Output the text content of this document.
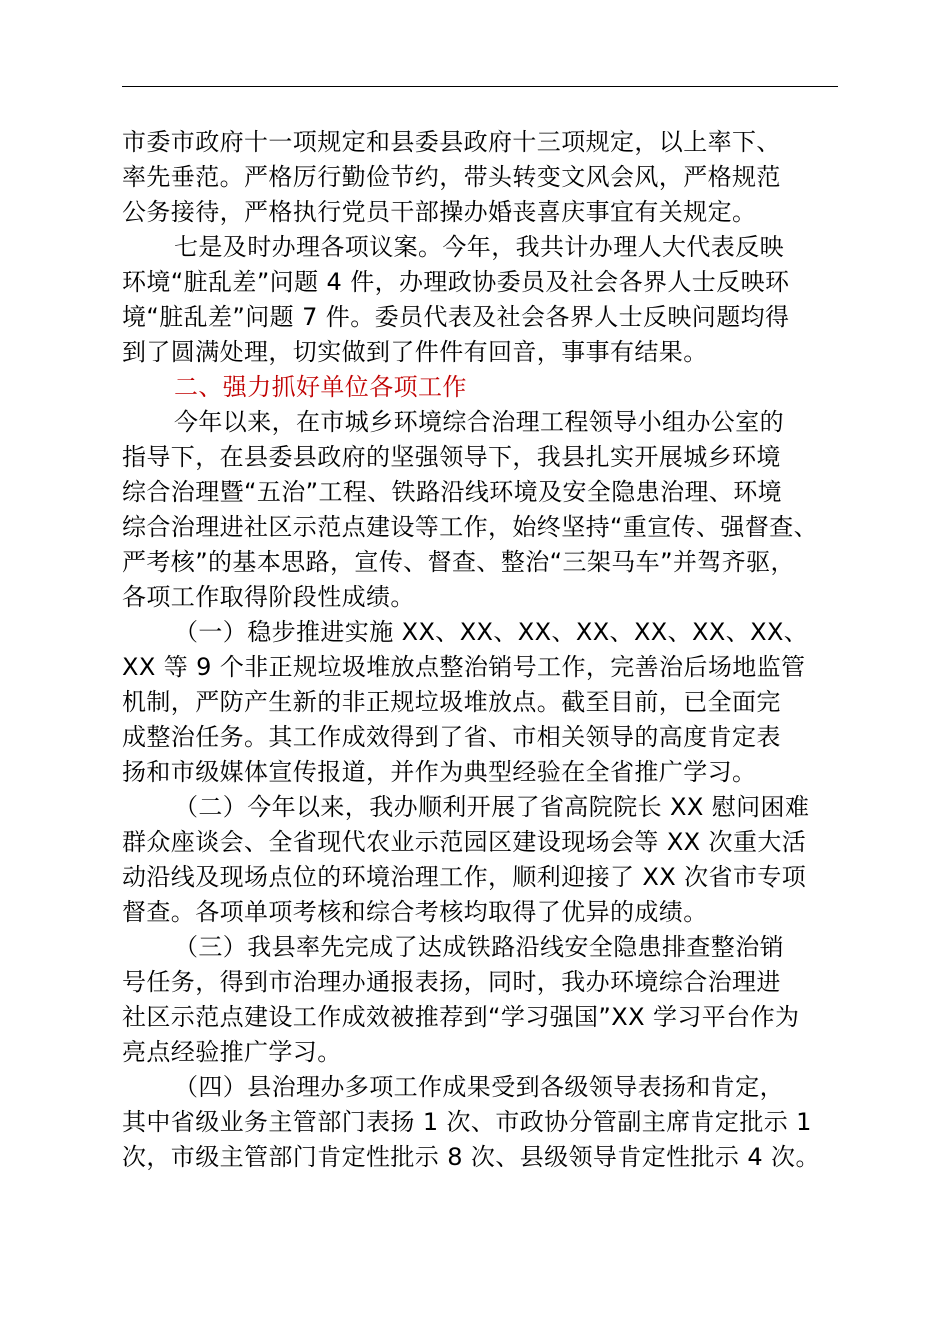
市委市政府十一项规定和县委县政府十三项规定，以上率下、
率先垂范。严格厉行勤俭节约，带头转变文风会风，严格规范
公务接待，严格执行党员干部操办婚丧喜庆事宜有关规定。
七是及时办理各项议案。今年，我共计办理人大代表反映
环境“脏乱差”问题 4 件，办理政协委员及社会各界人士反映环
境“脏乱差”问题 7 件。委员代表及社会各界人士反映问题均得
到了圆满处理，切实做到了件件有回音，事事有结果。
二、强力抓好单位各项工作
今年以来，在市城乡环境综合治理工程领导小组办公室的
指导下，在县委县政府的坚强领导下，我县扎实开展城乡环境
综合治理暨“五治”工程、铁路沿线环境及安全隐患治理、环境
综合治理进社区示范点建设等工作，始终坚持“重宣传、强督查、
严考核”的基本思路，宣传、督查、整治“三架马车”并驾齐驱，
各项工作取得阶段性成绩。
（一）稳步推进实施 XX、XX、XX、XX、XX、XX、XX、
XX 等 9 个非正规垃圾堆放点整治销号工作，完善治后场地监管
机制，严防产生新的非正规垃圾堆放点。截至目前，已全面完
成整治任务。其工作成效得到了省、市相关领导的高度肯定表
扬和市级媒体宣传报道，并作为典型经验在全省推广学习。
（二）今年以来，我办顺利开展了省高院院长 XX 慰问困难
群众座谈会、全省现代农业示范园区建设现场会等 XX 次重大活
动沿线及现场点位的环境治理工作，顺利迎接了 XX 次省市专项
督查。各项单项考核和综合考核均取得了优异的成绩。
（三）我县率先完成了达成铁路沿线安全隐患排查整治销
号任务，得到市治理办通报表扬，同时，我办环境综合治理进
社区示范点建设工作成效被推荐到“学习强国”XX 学习平台作为
亮点经验推广学习。
（四）县治理办多项工作成果受到各级领导表扬和肯定，
其中省级业务主管部门表扬 1 次、市政协分管副主席肯定批示 1
次，市级主管部门肯定性批示 8 次、县级领导肯定性批示 4 次。
